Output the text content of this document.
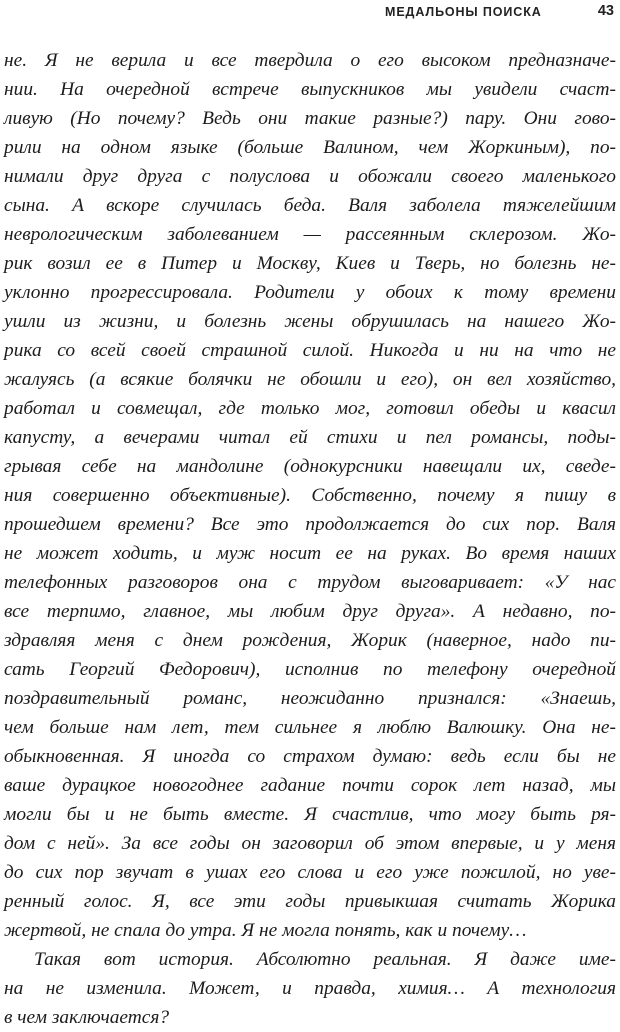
МЕДАЛЬОНЫ ПОИСКА	43
не. Я не верила и все твердила о его высоком предназначе-
нии. На очередной встрече выпускников мы увидели счаст-
ливую (Но почему? Ведь они такие разные?) пару. Они гово-
рили на одном языке (больше Валином, чем Жоркиным), по-
нимали друг друга с полуслова и обожали своего маленького
сына. А вскоре случилась беда. Валя заболела тяжелейшим
неврологическим заболеванием — рассеянным склерозом. Жо-
рик возил ее в Питер и Москву, Киев и Тверь, но болезнь не-
уклонно прогрессировала. Родители у обоих к тому времени
ушли из жизни, и болезнь жены обрушилась на нашего Жо-
рика со всей своей страшной силой. Никогда и ни на что не
жалуясь (а всякие болячки не обошли и его), он вел хозяйство,
работал и совмещал, где только мог, готовил обеды и квасил
капусту, а вечерами читал ей стихи и пел романсы, поды-
грывая себе на мандолине (однокурсники навещали их, сведе-
ния совершенно объективные). Собственно, почему я пишу в
прошедшем времени? Все это продолжается до сих пор. Валя
не может ходить, и муж носит ее на руках. Во время наших
телефонных разговоров она с трудом выговаривает: «У нас
все терпимо, главное, мы любим друг друга». А недавно, по-
здравляя меня с днем рождения, Жорик (наверное, надо пи-
сать Георгий Федорович), исполнив по телефону очередной
поздравительный романс, неожиданно признался: «Знаешь,
чем больше нам лет, тем сильнее я люблю Валюшку. Она не-
обыкновенная. Я иногда со страхом думаю: ведь если бы не
ваше дурацкое новогоднее гадание почти сорок лет назад, мы
могли бы и не быть вместе. Я счастлив, что могу быть ря-
дом с ней». За все годы он заговорил об этом впервые, и у меня
до сих пор звучат в ушах его слова и его уже пожилой, но уве-
ренный голос. Я, все эти годы привыкшая считать Жорика
жертвой, не спала до утра. Я не могла понять, как и почему…
Такая вот история. Абсолютно реальная. Я даже име-
на не изменила. Может, и правда, химия… А технология
в чем заключается?
